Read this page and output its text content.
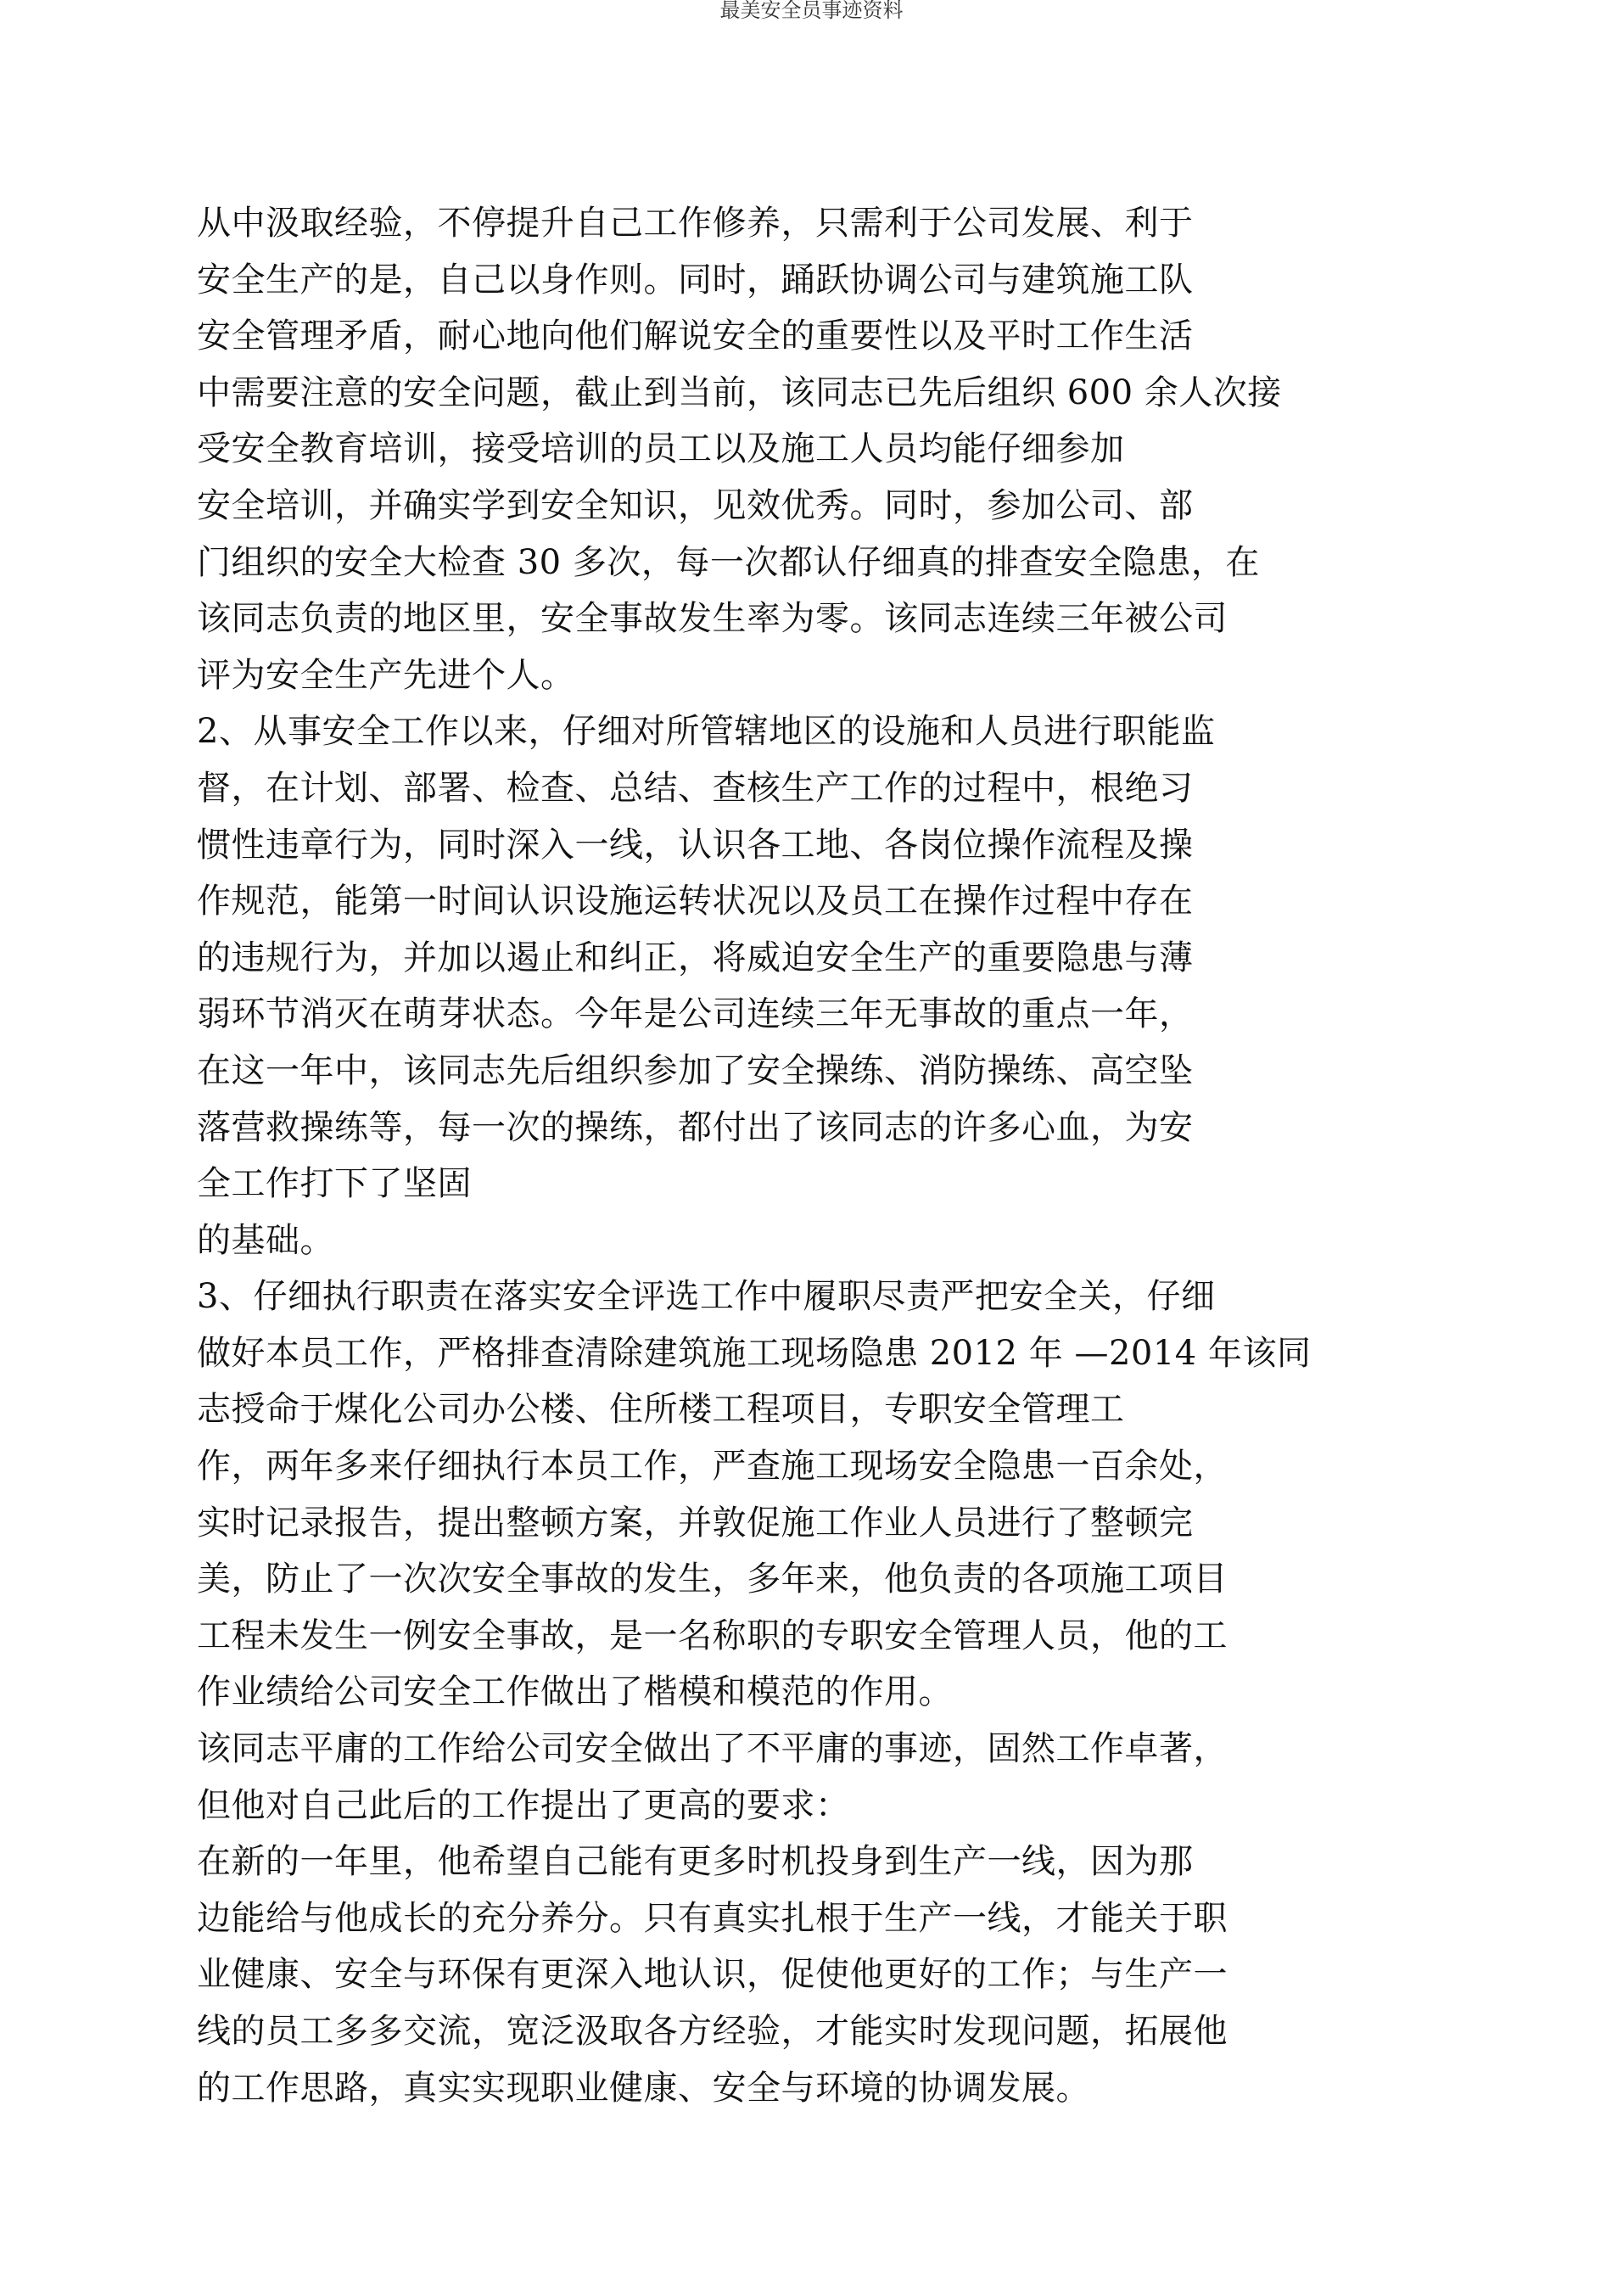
最美安全员事迹资料
从中汲取经验，不停提升自己工作修养，只需利于公司发展、利于
安全生产的是，自己以身作则。同时，踊跃协调公司与建筑施工队
安全管理矛盾，耐心地向他们解说安全的重要性以及平时工作生活
中需要注意的安全问题，截止到当前，该同志已先后组织 600 余人次接
受安全教育培训，接受培训的员工以及施工人员均能仔细参加
安全培训，并确实学到安全知识，见效优秀。同时，参加公司、部
门组织的安全大检查 30 多次，每一次都认仔细真的排查安全隐患，在
该同志负责的地区里，安全事故发生率为零。该同志连续三年被公司
评为安全生产先进个人。
2、从事安全工作以来，仔细对所管辖地区的设施和人员进行职能监
督，在计划、部署、检查、总结、查核生产工作的过程中，根绝习
惯性违章行为，同时深入一线，认识各工地、各岗位操作流程及操
作规范，能第一时间认识设施运转状况以及员工在操作过程中存在
的违规行为，并加以遏止和纠正，将威迫安全生产的重要隐患与薄
弱环节消灭在萌芽状态。今年是公司连续三年无事故的重点一年，
在这一年中，该同志先后组织参加了安全操练、消防操练、高空坠
落营救操练等，每一次的操练，都付出了该同志的许多心血，为安
全工作打下了坚固
的基础。
3、仔细执行职责在落实安全评选工作中履职尽责严把安全关，仔细
做好本员工作，严格排查清除建筑施工现场隐患 2012 年 —2014 年该同
志授命于煤化公司办公楼、住所楼工程项目，专职安全管理工
作，两年多来仔细执行本员工作，严查施工现场安全隐患一百余处，
实时记录报告，提出整顿方案，并敦促施工作业人员进行了整顿完
美，防止了一次次安全事故的发生，多年来，他负责的各项施工项目
工程未发生一例安全事故，是一名称职的专职安全管理人员，他的工
作业绩给公司安全工作做出了楷模和模范的作用。
该同志平庸的工作给公司安全做出了不平庸的事迹，固然工作卓著，
但他对自己此后的工作提出了更高的要求：
在新的一年里，他希望自己能有更多时机投身到生产一线，因为那
边能给与他成长的充分养分。只有真实扎根于生产一线，才能关于职
业健康、安全与环保有更深入地认识，促使他更好的工作；与生产一
线的员工多多交流，宽泛汲取各方经验，才能实时发现问题，拓展他
的工作思路，真实实现职业健康、安全与环境的协调发展。
